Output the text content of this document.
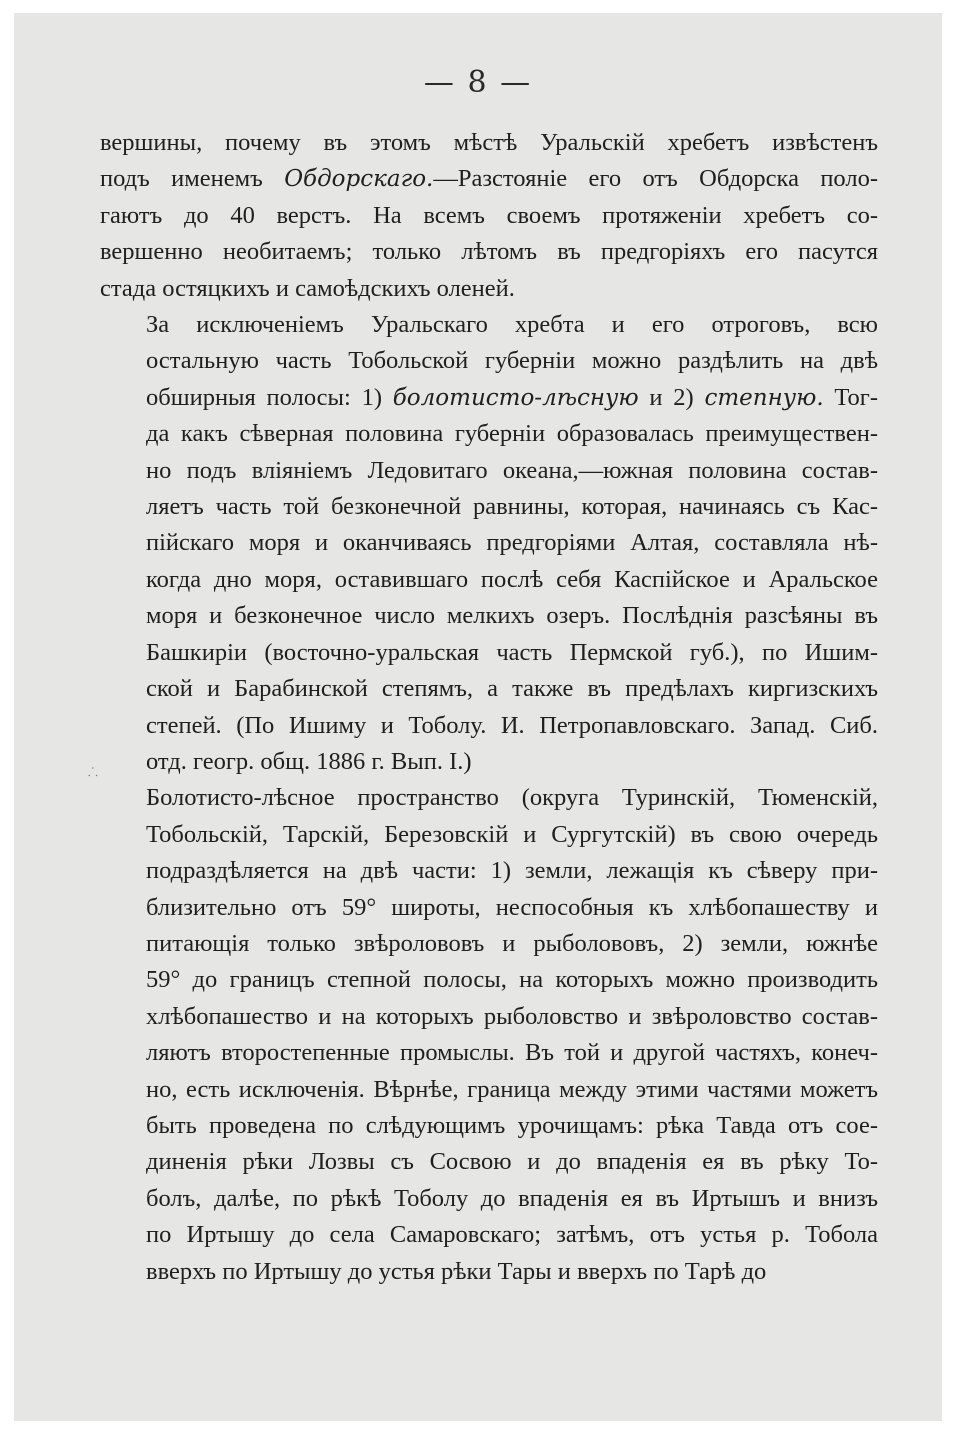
— 8 —
⸫

вершины, почему въ этомъ мѣстѣ Уральскій хребетъ извѣстенъ
подъ именемъ Обдорскаго.—Разстояніе его отъ Обдорска поло-
гаютъ до 40 верстъ. На всемъ своемъ протяженіи хребетъ со-
вершенно необитаемъ; только лѣтомъ въ предгоріяхъ его пасутся
стада остяцкихъ и самоѣдскихъ оленей.

За исключеніемъ Уральскаго хребта и его отроговъ, всю
остальную часть Тобольской губерніи можно раздѣлить на двѣ
обширныя полосы: 1) болотисто-лѣсную и 2) степную. Тог-
да какъ сѣверная половина губерніи образовалась преимуществен-
но подъ вліяніемъ Ледовитаго океана,—южная половина состав-
ляетъ часть той безконечной равнины, которая, начинаясь съ Кас-
пійскаго моря и оканчиваясь предгоріями Алтая, составляла нѣ-
когда дно моря, оставившаго послѣ себя Каспійское и Аральское
моря и безконечное число мелкихъ озеръ. Послѣднія разсѣяны въ
Башкиріи (восточно-уральская часть Пермской губ.), по Ишим-
ской и Барабинской степямъ, а также въ предѣлахъ киргизскихъ
степей. (По Ишиму и Тоболу. И. Петропавловскаго. Запад. Сиб.
отд. геогр. общ. 1886 г. Вып. I.)

Болотисто-лѣсное пространство (округа Туринскій, Тюменскій,
Тобольскій, Тарскій, Березовскій и Сургутскій) въ свою очередь
подраздѣляется на двѣ части: 1) земли, лежащія къ сѣверу при-
близительно отъ 59° широты, неспособныя къ хлѣбопашеству и
питающія только звѣролововъ и рыболововъ, 2) земли, южнѣе
59° до границъ степной полосы, на которыхъ можно производить
хлѣбопашество и на которыхъ рыболовство и звѣроловство состав-
ляютъ второстепенные промыслы. Въ той и другой частяхъ, конеч-
но, есть исключенія. Вѣрнѣе, граница между этими частями можетъ
быть проведена по слѣдующимъ урочищамъ: рѣка Тавда отъ сое-
диненія рѣки Лозвы съ Сосвою и до впаденія ея въ рѣку То-
болъ, далѣе, по рѣкѣ Тоболу до впаденія ея въ Иртышъ и внизъ
по Иртышу до села Самаровскаго; затѣмъ, отъ устья р. Тобола
вверхъ по Иртышу до устья рѣки Тары и вверхъ по Тарѣ до
